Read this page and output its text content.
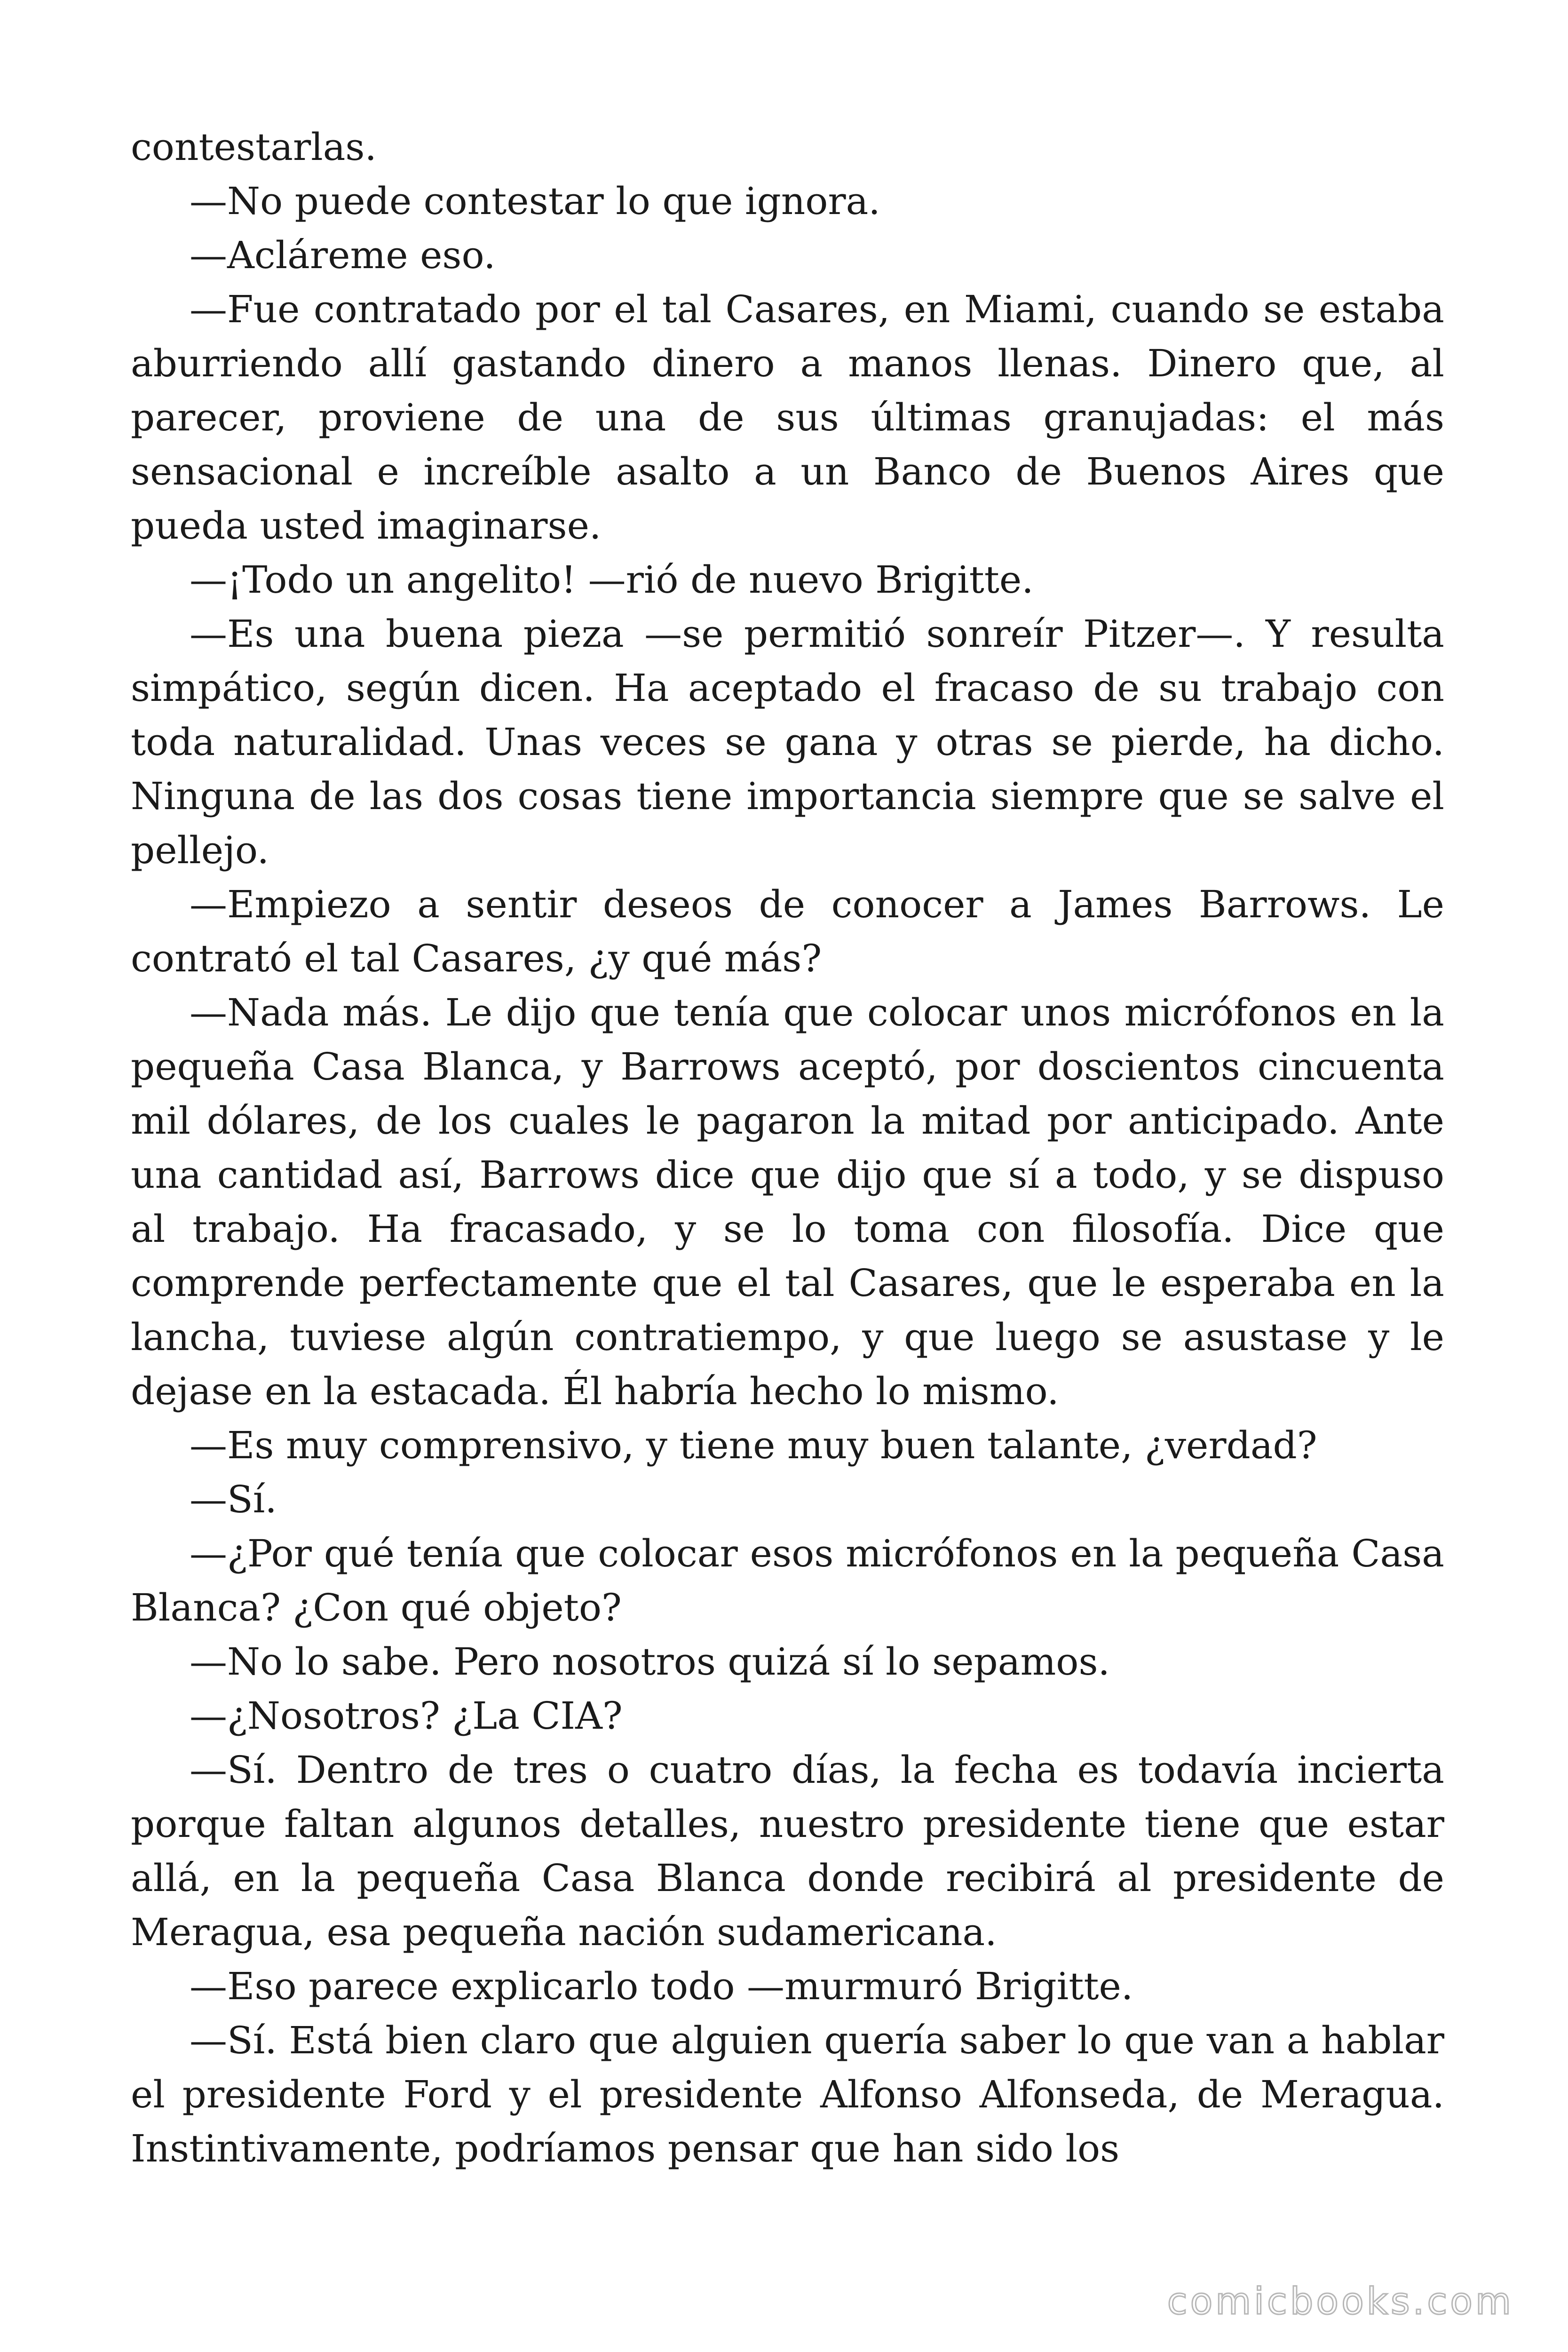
contestarlas.

—No puede contestar lo que ignora.

—Acláreme eso.

—Fue contratado por el tal Casares, en Miami, cuando se estaba aburriendo allí gastando dinero a manos llenas. Dinero que, al parecer, proviene de una de sus últimas granujadas: el más sensacional e increíble asalto a un Banco de Buenos Aires que pueda usted imaginarse.

—¡Todo un angelito! —rió de nuevo Brigitte.

—Es una buena pieza —se permitió sonreír Pitzer—. Y resulta simpático, según dicen. Ha aceptado el fracaso de su trabajo con toda naturalidad. Unas veces se gana y otras se pierde, ha dicho. Ninguna de las dos cosas tiene importancia siempre que se salve el pellejo.

—Empiezo a sentir deseos de conocer a James Barrows. Le contrató el tal Casares, ¿y qué más?

—Nada más. Le dijo que tenía que colocar unos micrófonos en la pequeña Casa Blanca, y Barrows aceptó, por doscientos cincuenta mil dólares, de los cuales le pagaron la mitad por anticipado. Ante una cantidad así, Barrows dice que dijo que sí a todo, y se dispuso al trabajo. Ha fracasado, y se lo toma con filosofía. Dice que comprende perfectamente que el tal Casares, que le esperaba en la lancha, tuviese algún contratiempo, y que luego se asustase y le dejase en la estacada. Él habría hecho lo mismo.

—Es muy comprensivo, y tiene muy buen talante, ¿verdad?

—Sí.

—¿Por qué tenía que colocar esos micrófonos en la pequeña Casa Blanca? ¿Con qué objeto?

—No lo sabe. Pero nosotros quizá sí lo sepamos.

—¿Nosotros? ¿La CIA?

—Sí. Dentro de tres o cuatro días, la fecha es todavía incierta porque faltan algunos detalles, nuestro presidente tiene que estar allá, en la pequeña Casa Blanca donde recibirá al presidente de Meragua, esa pequeña nación sudamericana.

—Eso parece explicarlo todo —murmuró Brigitte.

—Sí. Está bien claro que alguien quería saber lo que van a hablar el presidente Ford y el presidente Alfonso Alfonseda, de Meragua. Instintivamente, podríamos pensar que han sido los

comicbooks.com
